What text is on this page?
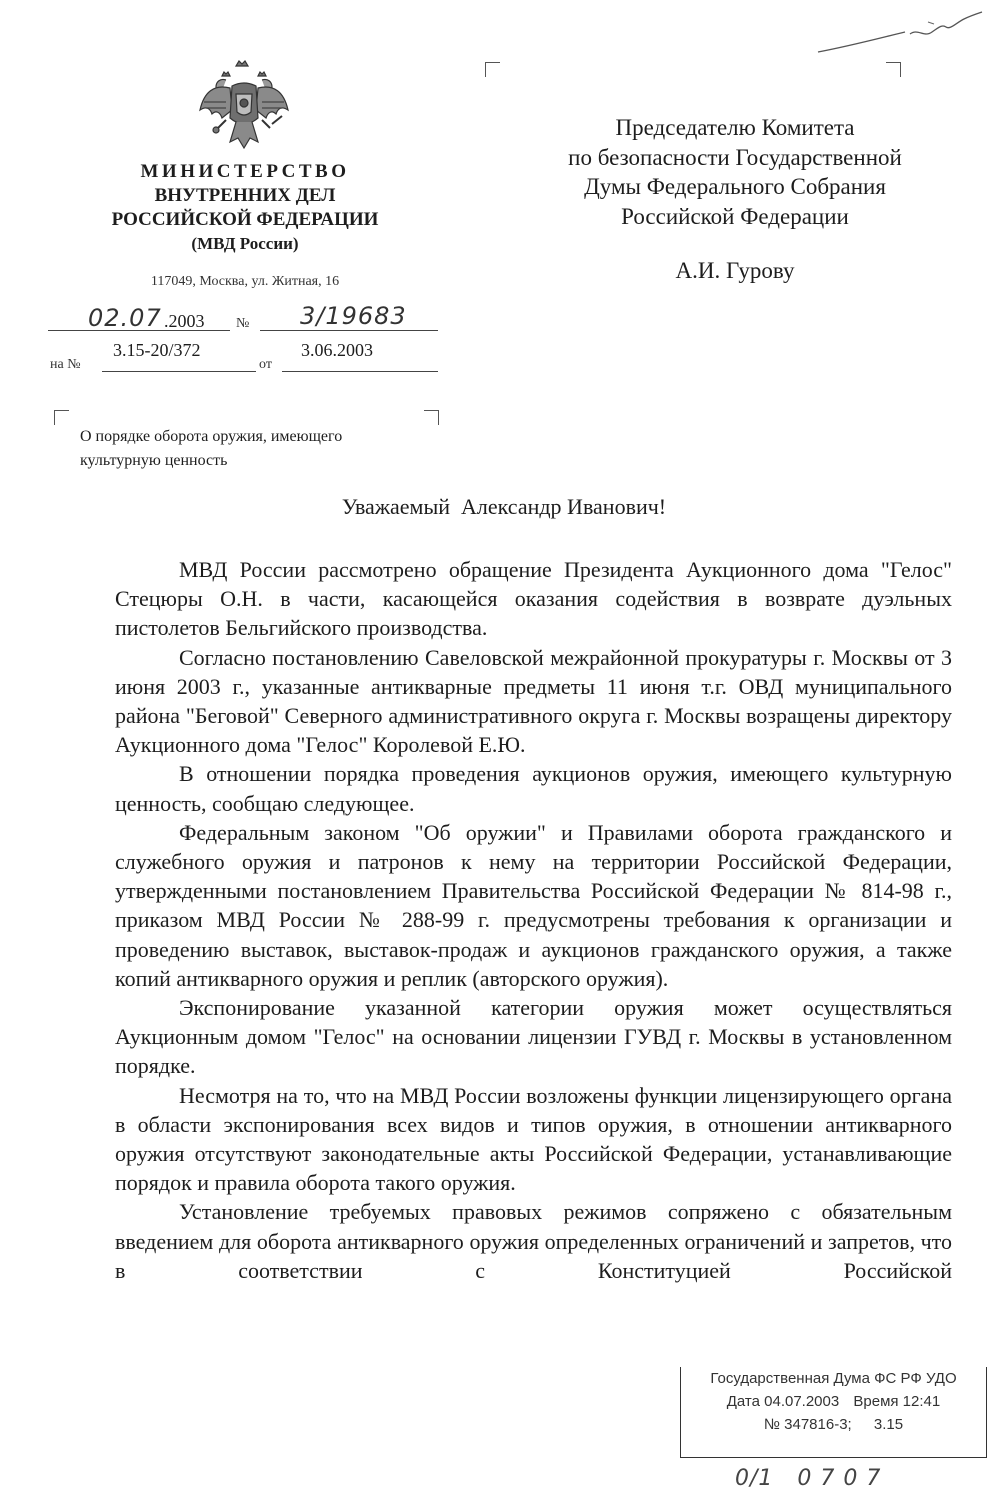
МИНИСТЕРСТВО
ВНУТРЕННИХ ДЕЛ
РОССИЙСКОЙ ФЕДЕРАЦИИ
(МВД России)
117049, Москва, ул. Житная, 16
02.07 .2003 № 3/19683
на №
3.15-20/372
от
3.06.2003
Председателю Комитета
по безопасности Государственной
Думы Федерального Собрания
Российской Федерации
А.И. Гурову
О порядке оборота оружия, имеющего
культурную ценность
Уважаемый  Александр Иванович!

МВД России рассмотрено обращение Президента Аукционного дома "Гелос" Стецюры О.Н. в части, касающейся оказания содействия в возврате дуэльных пистолетов Бельгийского производства.

Согласно постановлению Савеловской межрайонной прокуратуры г. Москвы от 3 июня 2003 г., указанные антикварные предметы 11 июня т.г. ОВД муниципального района "Беговой" Северного административного округа г. Москвы возращены директору Аукционного дома "Гелос" Королевой Е.Ю.

В отношении порядка проведения аукционов оружия, имеющего культурную ценность, сообщаю следующее.

Федеральным законом "Об оружии" и Правилами оборота гражданского и служебного оружия и патронов к нему на территории Российской Федерации, утвержденными постановлением Правительства Российской Федерации № 814-98 г., приказом МВД России № 288-99 г. предусмотрены требования к организации и проведению выставок, выставок-продаж и аукционов гражданского оружия, а также копий антикварного оружия и реплик (авторского оружия).

Экспонирование указанной категории оружия может осуществляться Аукционным домом "Гелос" на основании лицензии ГУВД г. Москвы в установленном порядке.

Несмотря на то, что на МВД России возложены функции лицензирующего органа в области экспонирования всех видов и типов оружия, в отношении антикварного оружия отсутствуют законодательные акты Российской Федерации, устанавливающие порядок и правила оборота такого оружия.

Установление требуемых правовых режимов сопряжено с обязательным введением для оборота антикварного оружия определенных ограничений и запретов, что в соответствии с Конституцией Российской

Государственная Дума ФС РФ УДО
Дата 04.07.2003 Время 12:41
№ 347816-3; 3.15
0/1   0 7 0 7
